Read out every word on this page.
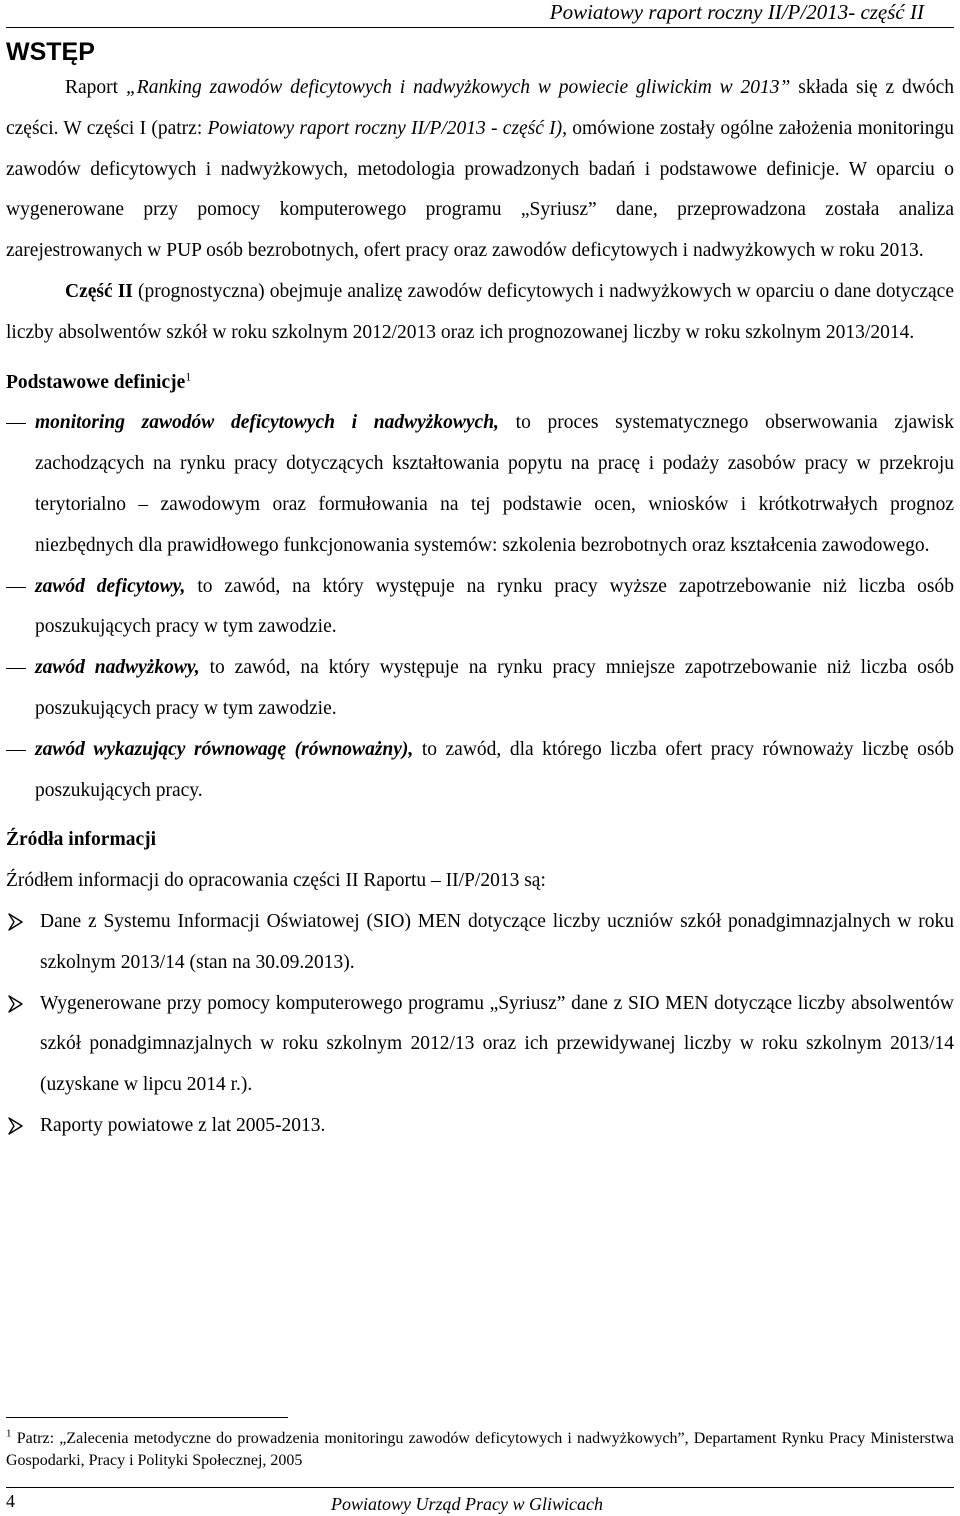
Powiatowy raport roczny II/P/2013- część II
WSTĘP

Raport „Ranking zawodów deficytowych i nadwyżkowych w powiecie gliwickim w 2013” składa się z dwóch części. W części I (patrz: Powiatowy raport roczny II/P/2013 - część I), omówione zostały ogólne założenia monitoringu zawodów deficytowych i nadwyżkowych, metodologia prowadzonych badań i podstawowe definicje. W oparciu o wygenerowane przy pomocy komputerowego programu „Syriusz” dane, przeprowadzona została analiza zarejestrowanych w PUP osób bezrobotnych, ofert pracy oraz zawodów deficytowych i nadwyżkowych w roku 2013.

Część II (prognostyczna) obejmuje analizę zawodów deficytowych i nadwyżkowych w oparciu o dane dotyczące liczby absolwentów szkół w roku szkolnym 2012/2013 oraz ich prognozowanej liczby w roku szkolnym 2013/2014.

Podstawowe definicje$^1$

monitoring zawodów deficytowych i nadwyżkowych, to proces systematycznego obserwowania zjawisk zachodzących na rynku pracy dotyczących kształtowania popytu na pracę i podaży zasobów pracy w przekroju terytorialno – zawodowym oraz formułowania na tej podstawie ocen, wniosków i krótkotrwałych prognoz niezbędnych dla prawidłowego funkcjonowania systemów: szkolenia bezrobotnych oraz kształcenia zawodowego.

zawód deficytowy, to zawód, na który występuje na rynku pracy wyższe zapotrzebowanie niż liczba osób poszukujących pracy w tym zawodzie.

zawód nadwyżkowy, to zawód, na który występuje na rynku pracy mniejsze zapotrzebowanie niż liczba osób poszukujących pracy w tym zawodzie.

zawód wykazujący równowagę (równoważny), to zawód, dla którego liczba ofert pracy równoważy liczbę osób poszukujących pracy.

Źródła informacji

Źródłem informacji do opracowania części II Raportu – II/P/2013 są:

Dane z Systemu Informacji Oświatowej (SIO) MEN dotyczące liczby uczniów szkół ponadgimnazjalnych w roku szkolnym 2013/14 (stan na 30.09.2013).

Wygenerowane przy pomocy komputerowego programu „Syriusz” dane z SIO MEN dotyczące liczby absolwentów szkół ponadgimnazjalnych w roku szkolnym 2012/13 oraz ich przewidywanej liczby w roku szkolnym 2013/14 (uzyskane w lipcu 2014 r.).

Raporty powiatowe z lat 2005-2013.

$^1$ Patrz: „Zalecenia metodyczne do prowadzenia monitoringu zawodów deficytowych i nadwyżkowych”, Departament Rynku Pracy Ministerstwa Gospodarki, Pracy i Polityki Społecznej, 2005
4	Powiatowy Urząd Pracy w Gliwicach
